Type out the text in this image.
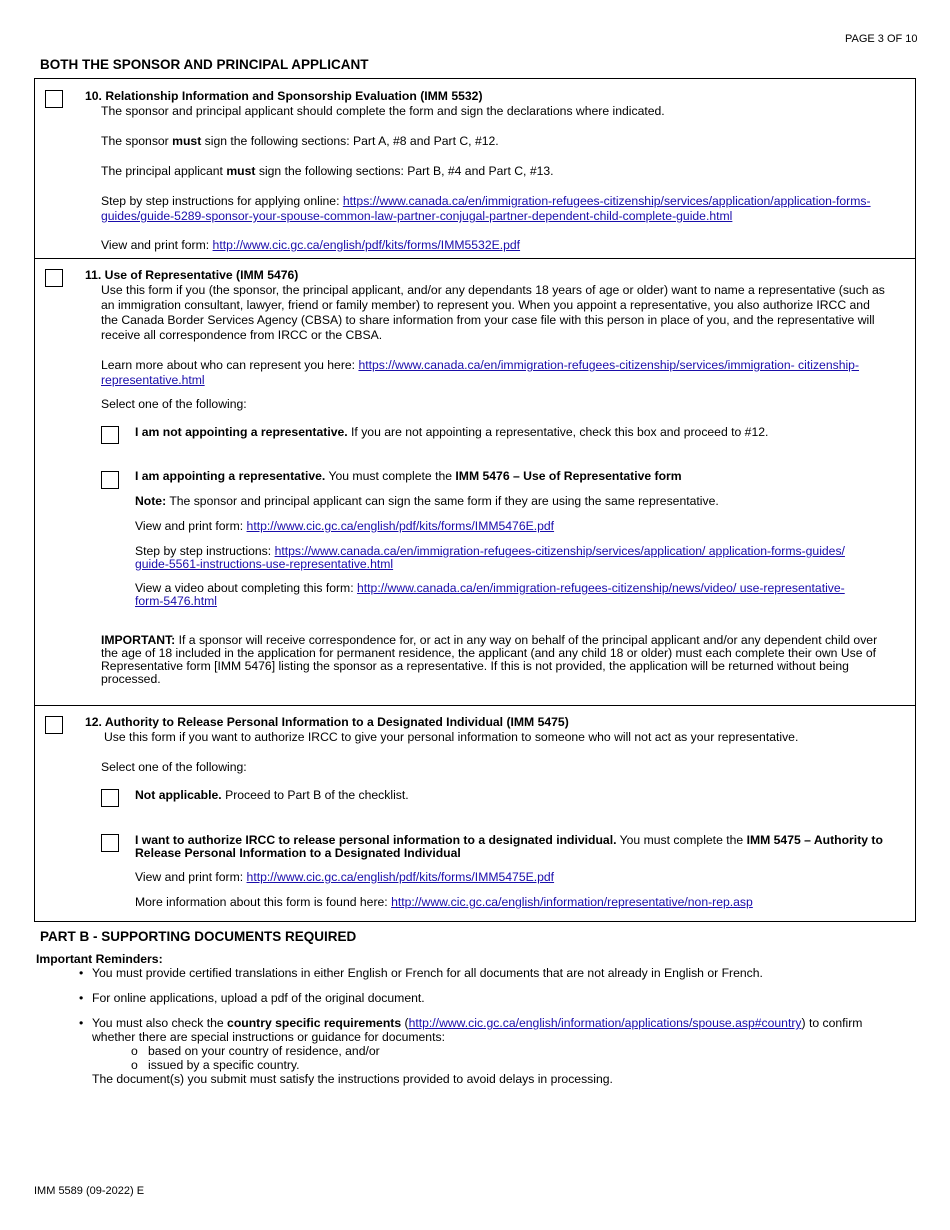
PAGE 3 OF 10
BOTH THE SPONSOR AND PRINCIPAL APPLICANT
10. Relationship Information and Sponsorship Evaluation (IMM 5532)
The sponsor and principal applicant should complete the form and sign the declarations where indicated.
The sponsor must sign the following sections: Part A, #8 and Part C, #12.
The principal applicant must sign the following sections: Part B, #4 and Part C, #13.
Step by step instructions for applying online: https://www.canada.ca/en/immigration-refugees-citizenship/services/application/application-forms-
guides/guide-5289-sponsor-your-spouse-common-law-partner-conjugal-partner-dependent-child-complete-guide.html
View and print form: http://www.cic.gc.ca/english/pdf/kits/forms/IMM5532E.pdf
11. Use of Representative (IMM 5476)
Use this form if you (the sponsor, the principal applicant, and/or any dependants 18 years of age or older) want to name a representative (such as
an immigration consultant, lawyer, friend or family member) to represent you. When you appoint a representative, you also authorize IRCC and
the Canada Border Services Agency (CBSA) to share information from your case file with this person in place of you, and the representative will
receive all correspondence from IRCC or the CBSA.
Learn more about who can represent you here: https://www.canada.ca/en/immigration-refugees-citizenship/services/immigration- citizenship-
representative.html
Select one of the following:
I am not appointing a representative. If you are not appointing a representative, check this box and proceed to #12.
I am appointing a representative. You must complete the IMM 5476 – Use of Representative form
Note: The sponsor and principal applicant can sign the same form if they are using the same representative.
View and print form: http://www.cic.gc.ca/english/pdf/kits/forms/IMM5476E.pdf
Step by step instructions: https://www.canada.ca/en/immigration-refugees-citizenship/services/application/ application-forms-guides/
guide-5561-instructions-use-representative.html
View a video about completing this form: http://www.canada.ca/en/immigration-refugees-citizenship/news/video/ use-representative-
form-5476.html
IMPORTANT: If a sponsor will receive correspondence for, or act in any way on behalf of the principal applicant and/or any dependent child over
the age of 18 included in the application for permanent residence, the applicant (and any child 18 or older) must each complete their own Use of
Representative form [IMM 5476] listing the sponsor as a representative. If this is not provided, the application will be returned without being
processed.
12. Authority to Release Personal Information to a Designated Individual (IMM 5475)
Use this form if you want to authorize IRCC to give your personal information to someone who will not act as your representative.
Select one of the following:
Not applicable. Proceed to Part B of the checklist.
I want to authorize IRCC to release personal information to a designated individual. You must complete the IMM 5475 – Authority to
Release Personal Information to a Designated Individual
View and print form: http://www.cic.gc.ca/english/pdf/kits/forms/IMM5475E.pdf
More information about this form is found here: http://www.cic.gc.ca/english/information/representative/non-rep.asp
PART B - SUPPORTING DOCUMENTS REQUIRED
Important Reminders:
• You must provide certified translations in either English or French for all documents that are not already in English or French.
• For online applications, upload a pdf of the original document.
• You must also check the country specific requirements (http://www.cic.gc.ca/english/information/applications/spouse.asp#country) to confirm
whether there are special instructions or guidance for documents:
o based on your country of residence, and/or
o issued by a specific country.
The document(s) you submit must satisfy the instructions provided to avoid delays in processing.
IMM 5589 (09-2022) E
